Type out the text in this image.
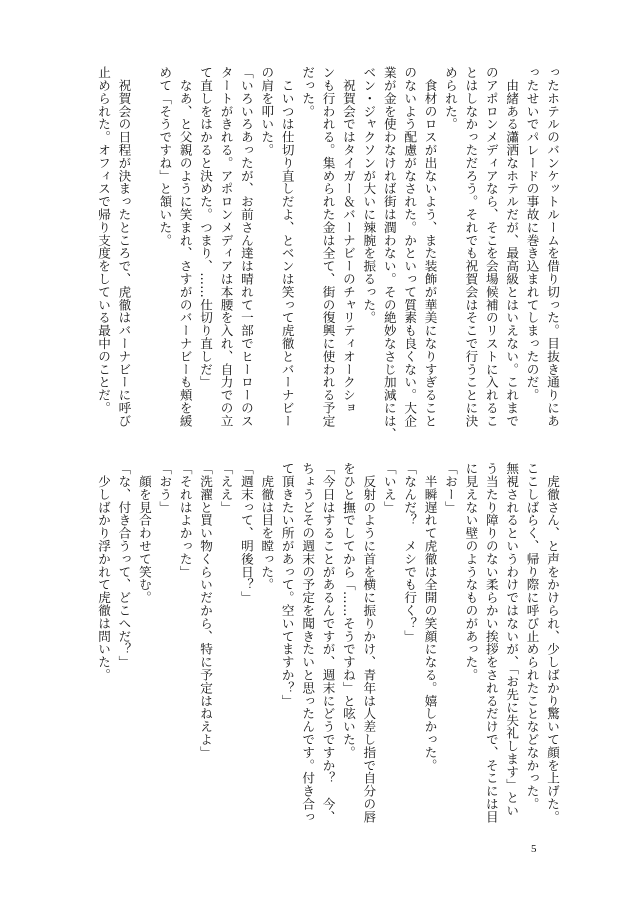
ったホテルのバンケットルームを借り切った。目抜き通りにあ

ったせいでパレードの事故に巻き込まれてしまったのだ。

　由緒ある瀟洒なホテルだが、最高級とはいえない。これまで

のアポロンメディアなら、そこを会場候補のリストに入れるこ

とはしなかっただろう。それでも祝賀会はそこで行うことに決

められた。

　食材のロスが出ないよう、また装飾が華美になりすぎること

のないよう配慮がなされた。かといって質素も良くない。大企

業が金を使わなければ街は潤わない。その絶妙なさじ加減には、

ベン・ジャクソンが大いに辣腕を振るった。

　祝賀会ではタイガー＆バーナビーのチャリティオークショ

ンも行われる。集められた金は全て、街の復興に使われる予定

だった。

　こいつは仕切り直しだよ、とベンは笑って虎徹とバーナビー

の肩を叩いた。

「いろいろあったが、お前さん達は晴れて一部でヒーローのス

タートがきれる。アポロンメディアは本腰を入れ、自力での立

て直しをはかると決めた。つまり、……仕切り直しだ」

　なあ、と父親のように笑まれ、さすがのバーナビーも頬を緩

めて「そうですね」と頷いた。

　祝賀会の日程が決まったところで、虎徹はバーナビーに呼び

止められた。オフィスで帰り支度をしている最中のことだ。

　虎徹さん、と声をかけられ、少しばかり驚いて顔を上げた。

ここしばらく、帰り際に呼び止められたことなどなかった。

無視されるというわけではないが、「お先に失礼します」とい

う当たり障りのない柔らかい挨拶をされるだけで、そこには目

に見えない壁のようなものがあった。

「おー」

　半瞬遅れて虎徹は全開の笑顔になる。嬉しかった。

「なんだ？　メシでも行く？」

「いえ」

　反射のように首を横に振りかけ、青年は人差し指で自分の唇

をひと撫でしてから「……そうですね」と呟いた。

「今日はすることがあるんですが、週末にどうですか？　今、

ちょうどその週末の予定を聞きたいと思ったんです。付き合っ

て頂きたい所があって。空いてますか？」

　虎徹は目を瞠った。

「週末って、明後日？」

「ええ」

「洗濯と買い物くらいだから、特に予定はねえよ」

「それはよかった」

「おう」

　顔を見合わせて笑む。

「な、付き合うって、どこへだ？」

　少しばかり浮かれて虎徹は問いた。

5
